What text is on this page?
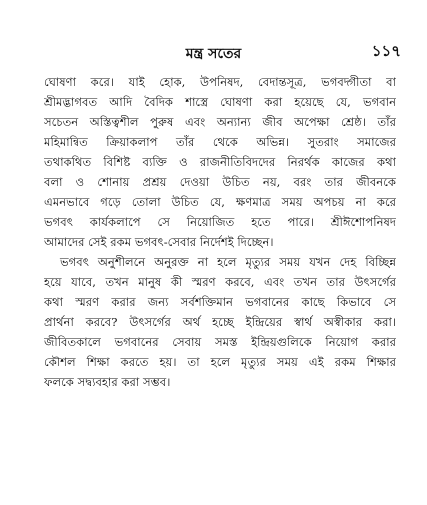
মন্ত্র সতের	১১৭
ঘোষণা করে। যাই হোক, উপনিষদ, বেদান্তসূত্র, ভগবদ্গীতা বা
শ্রীমদ্ভাগবত আদি বৈদিক শাস্ত্রে ঘোষণা করা হয়েছে যে, ভগবান
সচেতন অস্তিত্বশীল পুরুষ এবং অন্যান্য জীব অপেক্ষা শ্রেষ্ঠ। তাঁর
মহিমান্বিত ক্রিয়াকলাপ তাঁর থেকে অভিন্ন। সুতরাং সমাজের
তথাকথিত বিশিষ্ট ব্যক্তি ও রাজনীতিবিদদের নিরর্থক কাজের কথা
বলা ও শোনায় প্রশ্রয় দেওয়া উচিত নয়, বরং তার জীবনকে
এমনভাবে গড়ে তোলা উচিত যে, ক্ষণমাত্র সময় অপচয় না করে
ভগবৎ কার্যকলাপে সে নিয়োজিত হতে পারে। শ্রীঈশোপনিষদ
আমাদের সেই রকম ভগবৎ-সেবার নির্দেশই দিচ্ছেন।
ভগবৎ অনুশীলনে অনুরক্ত না হলে মৃত্যুর সময় যখন দেহ বিচ্ছিন্ন
হয়ে যাবে, তখন মানুষ কী স্মরণ করবে, এবং তখন তার উৎসর্গের
কথা স্মরণ করার জন্য সর্বশক্তিমান ভগবানের কাছে কিভাবে সে
প্রার্থনা করবে? উৎসর্গের অর্থ হচ্ছে ইন্দ্রিয়ের স্বার্থ অস্বীকার করা।
জীবিতকালে ভগবানের সেবায় সমস্ত ইন্দ্রিয়গুলিকে নিয়োগ করার
কৌশল শিক্ষা করতে হয়। তা হলে মৃত্যুর সময় এই রকম শিক্ষার
ফলকে সদ্ব্যবহার করা সম্ভব।
